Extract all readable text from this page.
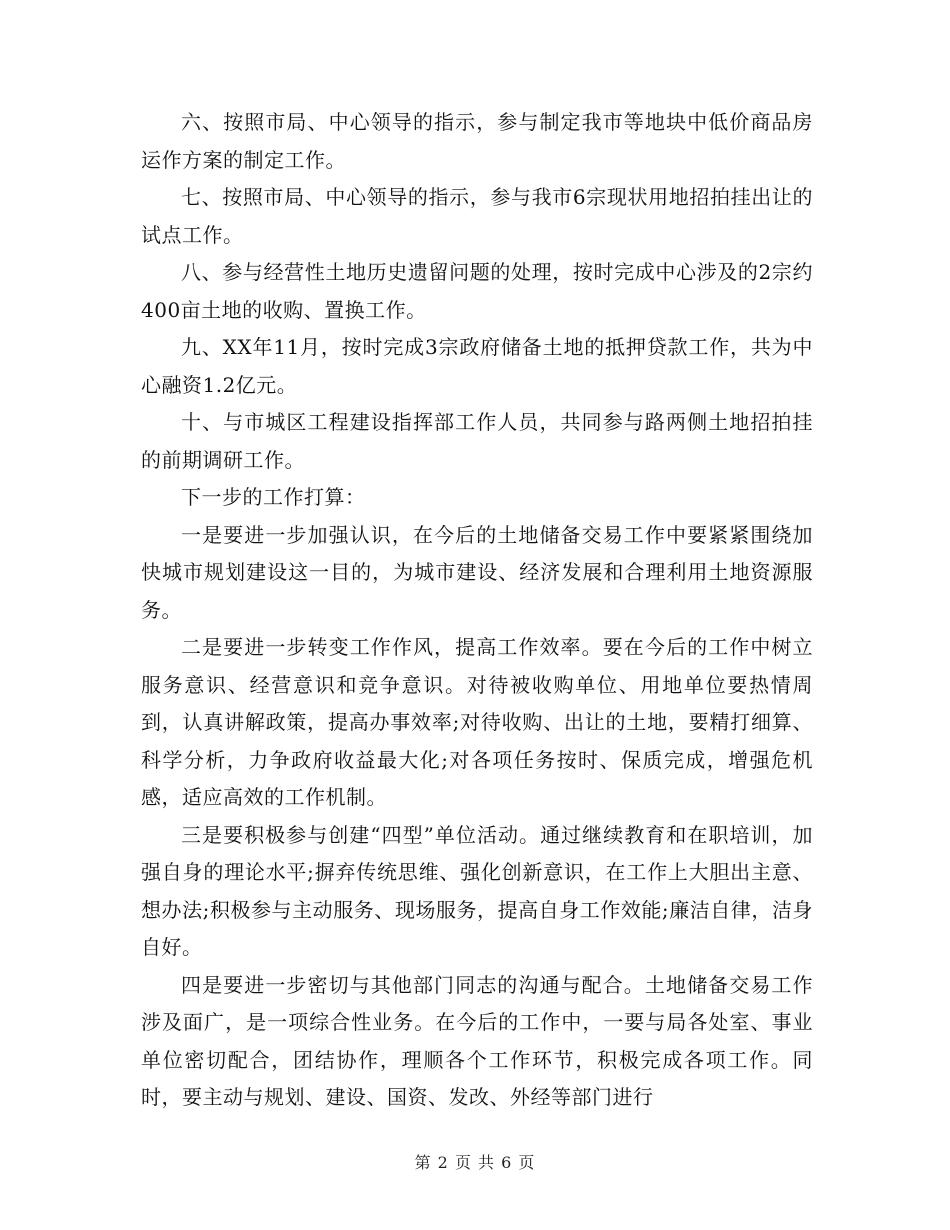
六、按照市局、中心领导的指示，参与制定我市等地块中低价商品房运作方案的制定工作。

七、按照市局、中心领导的指示，参与我市6宗现状用地招拍挂出让的试点工作。

八、参与经营性土地历史遗留问题的处理，按时完成中心涉及的2宗约400亩土地的收购、置换工作。

九、XX年11月，按时完成3宗政府储备土地的抵押贷款工作，共为中心融资1.2亿元。

十、与市城区工程建设指挥部工作人员，共同参与路两侧土地招拍挂的前期调研工作。

下一步的工作打算：

一是要进一步加强认识，在今后的土地储备交易工作中要紧紧围绕加快城市规划建设这一目的，为城市建设、经济发展和合理利用土地资源服务。

二是要进一步转变工作作风，提高工作效率。要在今后的工作中树立服务意识、经营意识和竞争意识。对待被收购单位、用地单位要热情周到，认真讲解政策，提高办事效率;对待收购、出让的土地，要精打细算、科学分析，力争政府收益最大化;对各项任务按时、保质完成，增强危机感，适应高效的工作机制。

三是要积极参与创建“四型”单位活动。通过继续教育和在职培训，加强自身的理论水平;摒弃传统思维、强化创新意识，在工作上大胆出主意、想办法;积极参与主动服务、现场服务，提高自身工作效能;廉洁自律，洁身自好。

四是要进一步密切与其他部门同志的沟通与配合。土地储备交易工作涉及面广，是一项综合性业务。在今后的工作中，一要与局各处室、事业单位密切配合，团结协作，理顺各个工作环节，积极完成各项工作。同时，要主动与规划、建设、国资、发改、外经等部门进行

第 2 页 共 6 页
